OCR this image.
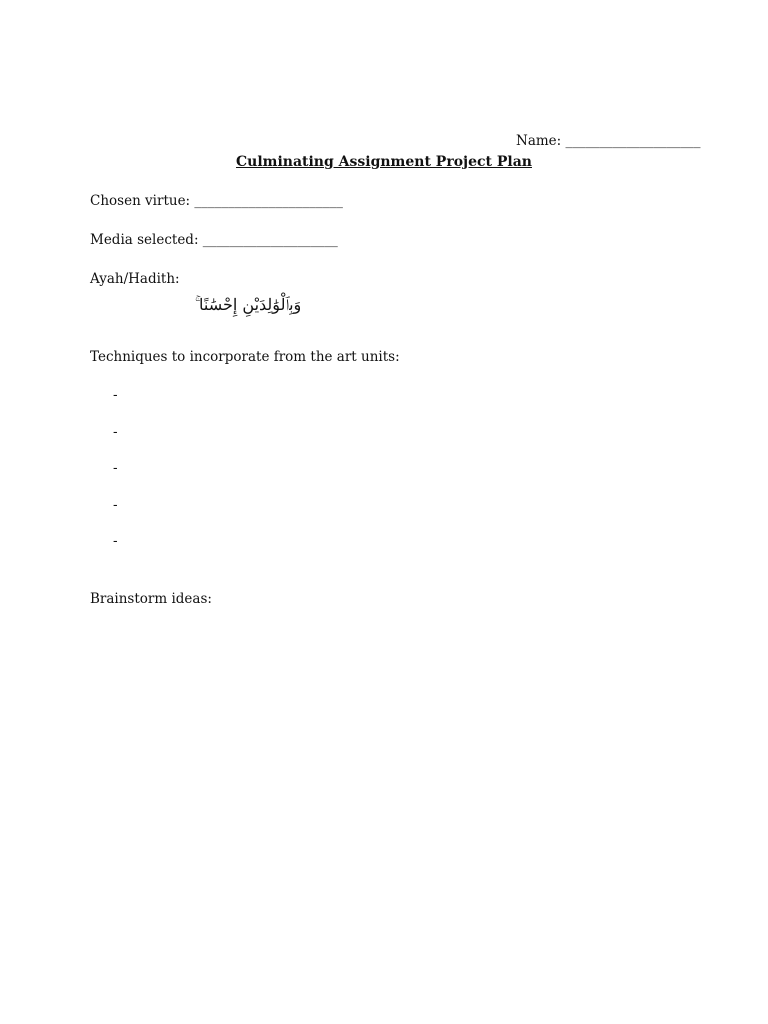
Name: ____________________
Culminating Assignment Project Plan
Chosen virtue: ______________________
Media selected: ____________________
Ayah/Hadith:
وَبِٱلْوَٰلِدَيْنِ إِحْسَٰنًا ۚ
Techniques to incorporate from the art units:
-
-
-
-
-
Brainstorm ideas:
